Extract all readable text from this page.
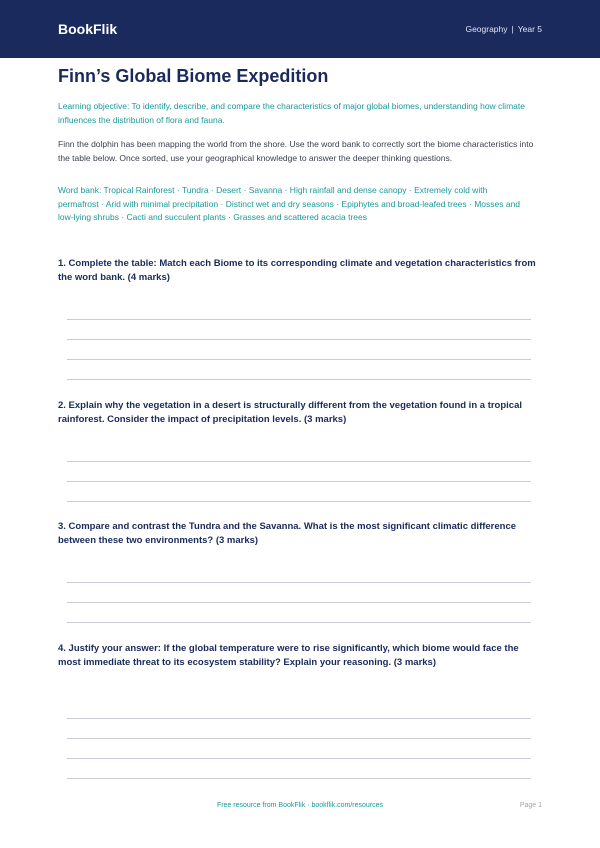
BookFlik	Geography | Year 5
Finn’s Global Biome Expedition
Learning objective: To identify, describe, and compare the characteristics of major global biomes, understanding how climate influences the distribution of flora and fauna.
Finn the dolphin has been mapping the world from the shore. Use the word bank to correctly sort the biome characteristics into the table below. Once sorted, use your geographical knowledge to answer the deeper thinking questions.
Word bank: Tropical Rainforest · Tundra · Desert · Savanna · High rainfall and dense canopy · Extremely cold with permafrost · Arid with minimal precipitation · Distinct wet and dry seasons · Epiphytes and broad-leafed trees · Mosses and low-lying shrubs · Cacti and succulent plants · Grasses and scattered acacia trees
1. Complete the table: Match each Biome to its corresponding climate and vegetation characteristics from the word bank. (4 marks)
2. Explain why the vegetation in a desert is structurally different from the vegetation found in a tropical rainforest. Consider the impact of precipitation levels. (3 marks)
3. Compare and contrast the Tundra and the Savanna. What is the most significant climatic difference between these two environments? (3 marks)
4. Justify your answer: If the global temperature were to rise significantly, which biome would face the most immediate threat to its ecosystem stability? Explain your reasoning. (3 marks)
Free resource from BookFlik · bookflik.com/resources	Page 1
